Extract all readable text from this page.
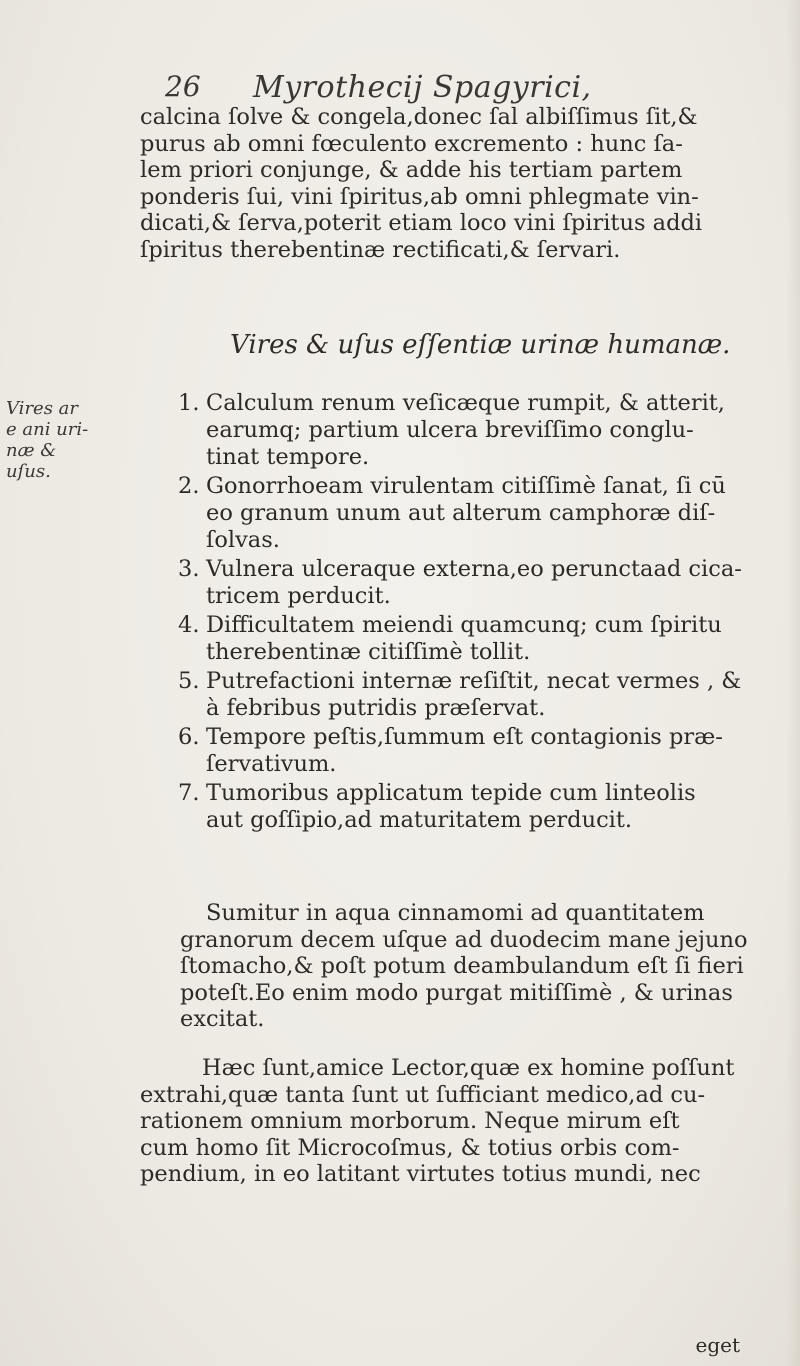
26 Myrothecij Spagyrici,
calcina ſolve & congela,donec ſal albiſſimus ſit,&
purus ab omni fœculento excremento : hunc ſa-
lem priori conjunge, & adde his tertiam partem
ponderis ſui, vini ſpiritus,ab omni phlegmate vin-
dicati,& ſerva,poterit etiam loco vini ſpiritus addi
ſpiritus therebentinæ rectificati,& ſervari.
Vires & uſus eſſentiæ urinæ humanæ.
Vires ar
e ani uri-
næ &
uſus.
1. Calculum renum veſicæque rumpit, & atterit,
earumq; partium ulcera breviſſimo conglu-
tinat tempore.
2. Gonorrhoeam virulentam citiſſimè ſanat, ſi cū
eo granum unum aut alterum camphoræ diſ-
ſolvas.
3. Vulnera ulceraque externa,eo perunctaad cica-
tricem perducit.
4. Difficultatem meiendi quamcunq; cum ſpiritu
therebentinæ citiſſimè tollit.
5. Putrefactioni internæ reſiſtit, necat vermes , &
à febribus putridis præſervat.
6. Tempore peſtis,ſummum eſt contagionis præ-
ſervativum.
7. Tumoribus applicatum tepide cum linteolis
aut goſſipio,ad maturitatem perducit.
Sumitur in aqua cinnamomi ad quantitatem
granorum decem uſque ad duodecim mane jejuno
ſtomacho,& poſt potum deambulandum eſt ſi fieri
poteſt.Eo enim modo purgat mitiſſimè , & urinas
excitat.
Hæc ſunt,amice Lector,quæ ex homine poſſunt
extrahi,quæ tanta ſunt ut ſufficiant medico,ad cu-
rationem omnium morborum. Neque mirum eſt
cum homo ſit Microcoſmus, & totius orbis com-
pendium, in eo latitant virtutes totius mundi, nec
eget
